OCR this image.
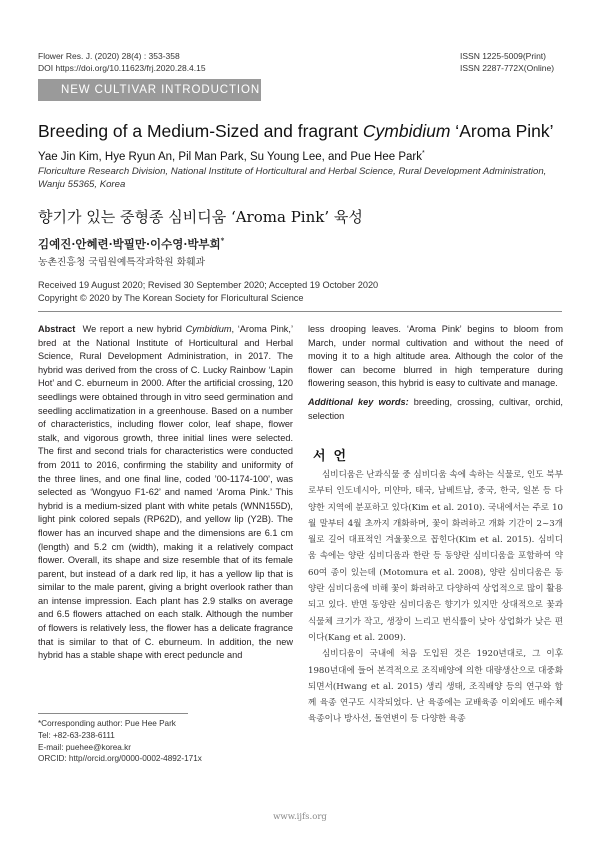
Flower Res. J. (2020) 28(4) : 353-358
DOI https://doi.org/10.11623/frj.2020.28.4.15
ISSN 1225-5009(Print)
ISSN 2287-772X(Online)
NEW CULTIVAR INTRODUCTION
Breeding of a Medium-Sized and fragrant Cymbidium ‘Aroma Pink’
Yae Jin Kim, Hye Ryun An, Pil Man Park, Su Young Lee, and Pue Hee Park*
Floriculture Research Division, National Institute of Horticultural and Herbal Science, Rural Development Administration, Wanju 55365, Korea
향기가 있는 중형종 심비디움 ‘Aroma Pink’ 육성
김예진·안혜련·박필만·이수영·박부희*
농촌진흥청 국립원예특작과학원 화훼과
Received 19 August 2020; Revised 30 September 2020; Accepted 19 October 2020
Copyright © 2020 by The Korean Society for Floricultural Science
Abstract We report a new hybrid Cymbidium, ‘Aroma Pink,’ bred at the National Institute of Horticultural and Herbal Science, Rural Development Administration, in 2017. The hybrid was derived from the cross of C. Lucky Rainbow ‘Lapin Hot’ and C. eburneum in 2000. After the artificial crossing, 120 seedlings were obtained through in vitro seed germination and seedling acclimatization in a greenhouse. Based on a number of characteristics, including flower color, leaf shape, flower stalk, and vigorous growth, three initial lines were selected. The first and second trials for characteristics were conducted from 2011 to 2016, confirming the stability and uniformity of the three lines, and one final line, coded ’00-1174-100’, was selected as ‘Wongyuo F1-62’ and named ‘Aroma Pink.’ This hybrid is a medium-sized plant with white petals (WNN155D), light pink colored sepals (RP62D), and yellow lip (Y2B). The flower has an incurved shape and the dimensions are 6.1 cm (length) and 5.2 cm (width), making it a relatively compact flower. Overall, its shape and size resemble that of its female parent, but instead of a dark red lip, it has a yellow lip that is similar to the male parent, giving a bright overlook rather than an intense impression. Each plant has 2.9 stalks on average and 6.5 flowers attached on each stalk. Although the number of flowers is relatively less, the flower has a delicate fragrance that is similar to that of C. eburneum. In addition, the new hybrid has a stable shape with erect peduncle and
less drooping leaves. ‘Aroma Pink’ begins to bloom from March, under normal cultivation and without the need of moving it to a high altitude area. Although the color of the flower can become blurred in high temperature during flowering season, this hybrid is easy to cultivate and manage.
Additional key words: breeding, crossing, cultivar, orchid, selection
서언

심비디움은 난과식물 중 심비디움 속에 속하는 식물로, 인도 북부로부터 인도네시아, 미얀마, 태국, 남베트남, 중국, 한국, 일본 등 다양한 지역에 분포하고 있다(Kim et al. 2010). 국내에서는 주로 10월 말부터 4월 초까지 개화하며, 꽃이 화려하고 개화 기간이 2~3개월로 길어 대표적인 겨울꽃으로 꼽힌다(Kim et al. 2015). 심비디움 속에는 양란 심비디움과 한란 등 동양란 심비디움을 포함하여 약 60여 종이 있는데 (Motomura et al. 2008), 양란 심비디움은 동양란 심비디움에 비해 꽃이 화려하고 다양하여 상업적으로 많이 활용되고 있다. 반면 동양란 심비디움은 향기가 있지만 상대적으로 꽃과 식물체 크기가 작고, 생장이 느리고 번식률이 낮아 상업화가 낮은 편이다(Kang et al. 2009).

심비디움이 국내에 처음 도입된 것은 1920년대로, 그 이후 1980년대에 들어 본격적으로 조직배양에 의한 대량생산으로 대중화되면서(Hwang et al. 2015) 생리 생태, 조직배양 등의 연구와 함께 육종 연구도 시작되었다. 난 육종에는 교배육종 이외에도 배수체 육종이나 방사선, 돌연변이 등 다양한 육종

*Corresponding author: Pue Hee Park
Tel: +82-63-238-6111
E-mail: puehee@korea.kr
ORCID: http//orcid.org/0000-0002-4892-171x
www.ijfs.org
